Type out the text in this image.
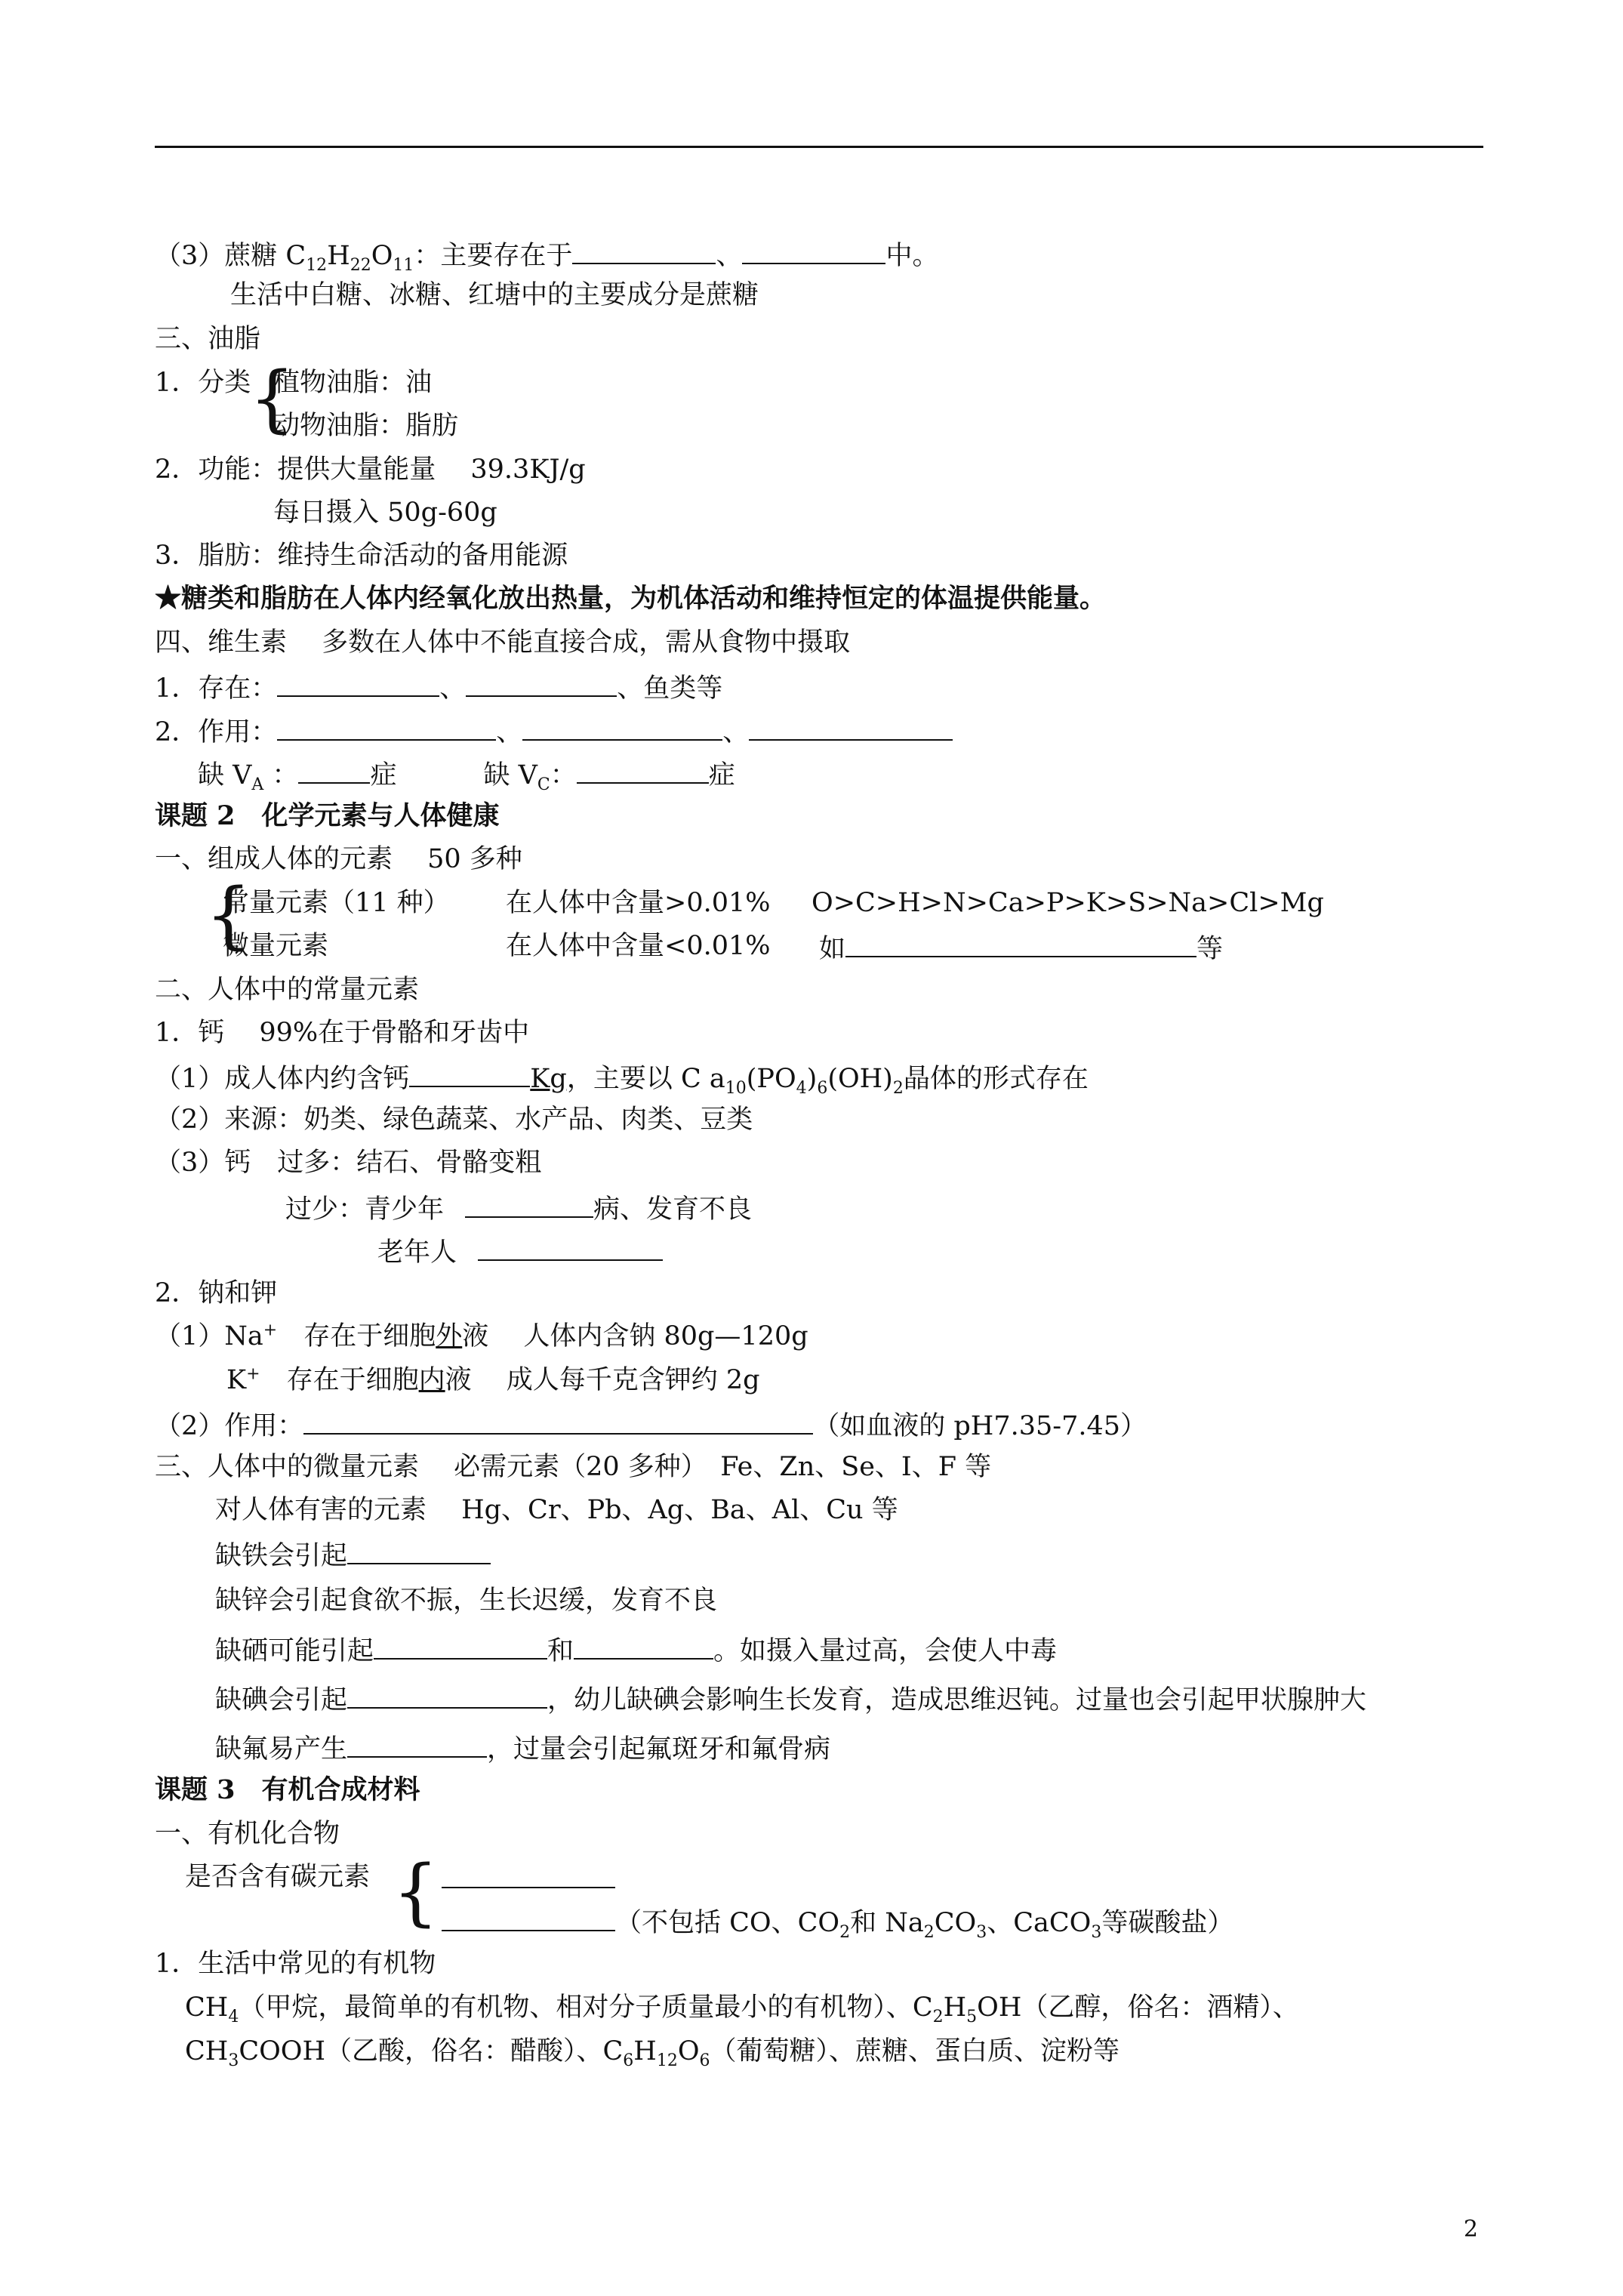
（3）蔗糖 $C_{12}H_{22}O_{11}$：主要存在于	、	中。
生活中白糖、冰糖、红塘中的主要成分是蔗糖
三、油脂
1．分类
{
植物油脂：油
动物油脂：脂肪
2．功能：提供大量能量　 39.3KJ/g
每日摄入 50g-60g
3．脂肪：维持生命活动的备用能源
★糖类和脂肪在人体内经氧化放出热量，为机体活动和维持恒定的体温提供能量。
四、维生素　 多数在人体中不能直接合成，需从食物中摄取
1．存在：	、	、鱼类等
2．作用：	、	、
缺 $V_A$ ：	症	缺 $V_C$：	症
课题 2　化学元素与人体健康
一、组成人体的元素　 50 多种
{
常量元素（11 种） 在人体中含量>0.01% O>C>H>N>Ca>P>K>S>Na>Cl>Mg
微量元素	在人体中含量<0.01% 如	等
二、人体中的常量元素
1．钙　 99%在于骨骼和牙齿中
（1）成人体内约含钙	Kg，主要以 C $a_{10}(PO_4)_6(OH)_2$晶体的形式存在
（2）来源：奶类、绿色蔬菜、水产品、肉类、豆类
（3）钙　过多：结石、骨骼变粗
过少：青少年	病、发育不良
老年人
2．钠和钾
（1）Na+　存在于细胞外液　 人体内含钠 80g—120g
K+　存在于细胞内液　 成人每千克含钾约 2g
（2）作用：	（如血液的 pH7.35-7.45）
三、人体中的微量元素　 必需元素（20 多种）　Fe、Zn、Se、I、F 等
对人体有害的元素　 Hg、Cr、Pb、Ag、Ba、Al、Cu 等
缺铁会引起
缺锌会引起食欲不振，生长迟缓，发育不良
缺硒可能引起	和	。如摄入量过高，会使人中毒
缺碘会引起	，幼儿缺碘会影响生长发育，造成思维迟钝。过量也会引起甲状腺肿大
缺氟易产生	，过量会引起氟斑牙和氟骨病
课题 3　有机合成材料
一、有机化合物
是否含有碳元素 {	（不包括 CO、$CO_2$和 $Na_2CO_3$、CaCO$_3$等碳酸盐）
1．生活中常见的有机物
$CH_4$（甲烷，最简单的有机物、相对分子质量最小的有机物）、$C_2H_5OH$（乙醇，俗名：酒精）、
$CH_3COOH$（乙酸，俗名：醋酸）、$C_6H_{12}O_6$（葡萄糖）、蔗糖、蛋白质、淀粉等
2
